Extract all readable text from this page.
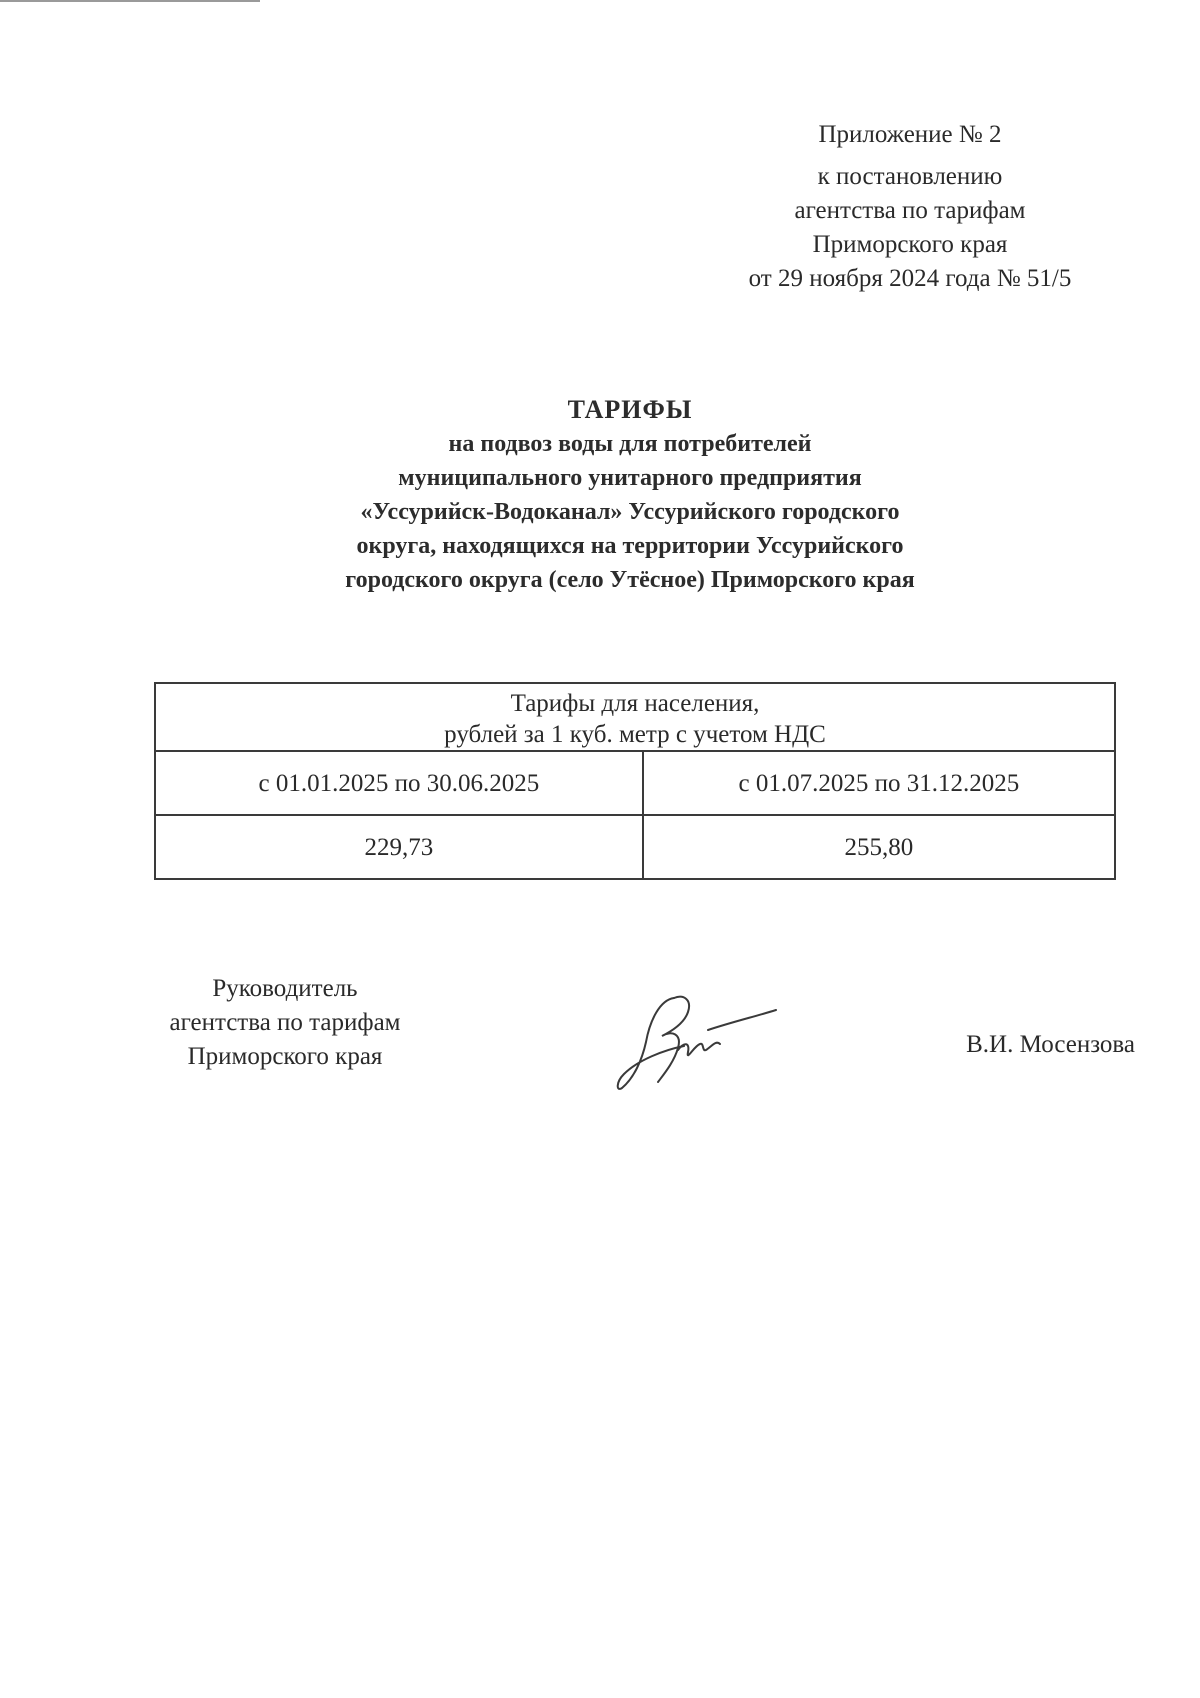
Приложение № 2
к постановлению
агентства по тарифам
Приморского края
от 29 ноября 2024 года № 51/5
ТАРИФЫ
на подвоз воды для потребителей
муниципального унитарного предприятия
«Уссурийск-Водоканал» Уссурийского городского
округа, находящихся на территории Уссурийского
городского округа (село Утёсное) Приморского края
Тарифы для населения,
рублей за 1 куб. метр с учетом НДС	

с 01.01.2025 по 30.06.2025	с 01.07.2025 по 31.12.2025
229,73	255,80
Руководитель
агентства по тарифам
Приморского края	В.И. Мосензова
